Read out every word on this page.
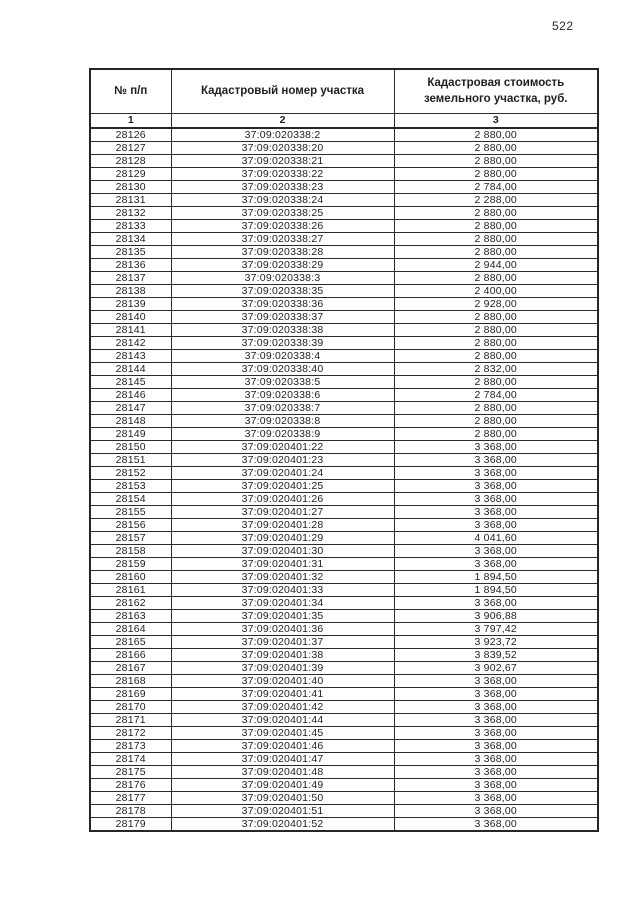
522
№ п/п	Кадастровый номер участка	Кадастровая стоимость земельного участка, руб.
1	2	3
28126	37:09:020338:2	2 880,00
28127	37:09:020338:20	2 880,00
28128	37:09:020338:21	2 880,00
28129	37:09:020338:22	2 880,00
28130	37:09:020338:23	2 784,00
28131	37:09:020338:24	2 288,00
28132	37:09:020338:25	2 880,00
28133	37:09:020338:26	2 880,00
28134	37:09:020338:27	2 880,00
28135	37:09:020338:28	2 880,00
28136	37:09:020338:29	2 944,00
28137	37:09:020338:3	2 880,00
28138	37:09:020338:35	2 400,00
28139	37:09:020338:36	2 928,00
28140	37:09:020338:37	2 880,00
28141	37:09:020338:38	2 880,00
28142	37:09:020338:39	2 880,00
28143	37:09:020338:4	2 880,00
28144	37:09:020338:40	2 832,00
28145	37:09:020338:5	2 880,00
28146	37:09:020338:6	2 784,00
28147	37:09:020338:7	2 880,00
28148	37:09:020338:8	2 880,00
28149	37:09:020338:9	2 880,00
28150	37:09:020401:22	3 368,00
28151	37:09:020401:23	3 368,00
28152	37:09:020401:24	3 368,00
28153	37:09:020401:25	3 368,00
28154	37:09:020401:26	3 368,00
28155	37:09:020401:27	3 368,00
28156	37:09:020401:28	3 368,00
28157	37:09:020401:29	4 041,60
28158	37:09:020401:30	3 368,00
28159	37:09:020401:31	3 368,00
28160	37:09:020401:32	1 894,50
28161	37:09:020401:33	1 894,50
28162	37:09:020401:34	3 368,00
28163	37:09:020401:35	3 906,88
28164	37:09:020401:36	3 797,42
28165	37:09:020401:37	3 923,72
28166	37:09:020401:38	3 839,52
28167	37:09:020401:39	3 902,67
28168	37:09:020401:40	3 368,00
28169	37:09:020401:41	3 368,00
28170	37:09:020401:42	3 368,00
28171	37:09:020401:44	3 368,00
28172	37:09:020401:45	3 368,00
28173	37:09:020401:46	3 368,00
28174	37:09:020401:47	3 368,00
28175	37:09:020401:48	3 368,00
28176	37:09:020401:49	3 368,00
28177	37:09:020401:50	3 368,00
28178	37:09:020401:51	3 368,00
28179	37:09:020401:52	3 368,00
